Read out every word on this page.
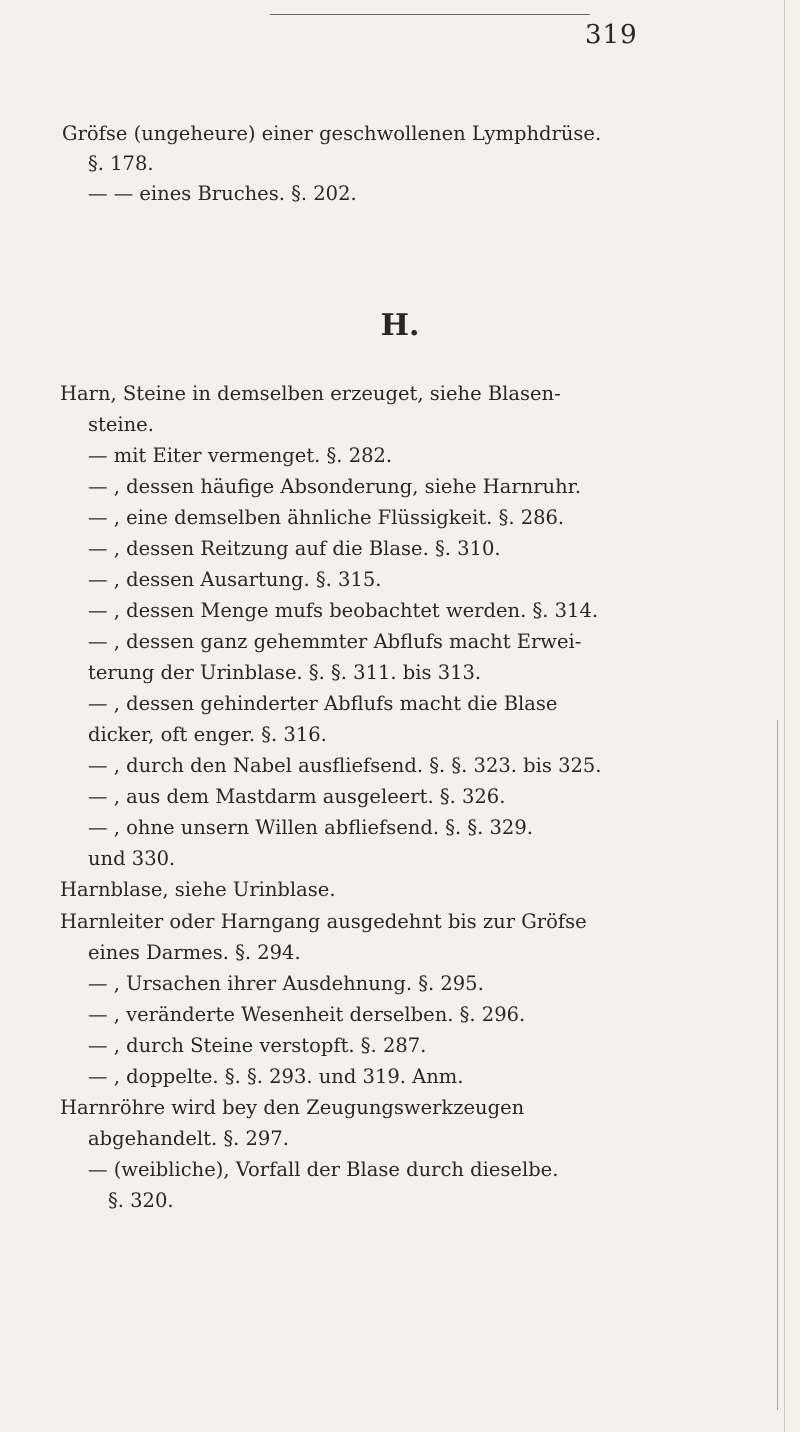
319
Gröfse (ungeheure) einer geschwollenen Lymphdrüse.
§. 178.
— — eines Bruches. §. 202.
H.
Harn, Steine in demselben erzeuget, siehe Blasen-
steine.
— mit Eiter vermenget. §. 282.
— , dessen häufige Absonderung, siehe Harnruhr.
— , eine demselben ähnliche Flüssigkeit. §. 286.
— , dessen Reitzung auf die Blase. §. 310.
— , dessen Ausartung. §. 315.
— , dessen Menge mufs beobachtet werden. §. 314.
— , dessen ganz gehemmter Abflufs macht Erwei-
terung der Urinblase. §. §. 311. bis 313.
— , dessen gehinderter Abflufs macht die Blase
dicker, oft enger. §. 316.
— , durch den Nabel ausfliefsend. §. §. 323. bis 325.
— , aus dem Mastdarm ausgeleert. §. 326.
— , ohne unsern Willen abfliefsend. §. §. 329.
und 330.
Harnblase, siehe Urinblase.
Harnleiter oder Harngang ausgedehnt bis zur Gröfse
eines Darmes. §. 294.
— , Ursachen ihrer Ausdehnung. §. 295.
— , veränderte Wesenheit derselben. §. 296.
— , durch Steine verstopft. §. 287.
— , doppelte. §. §. 293. und 319. Anm.
Harnröhre wird bey den Zeugungswerkzeugen
abgehandelt. §. 297.
— (weibliche), Vorfall der Blase durch dieselbe.
§. 320.
